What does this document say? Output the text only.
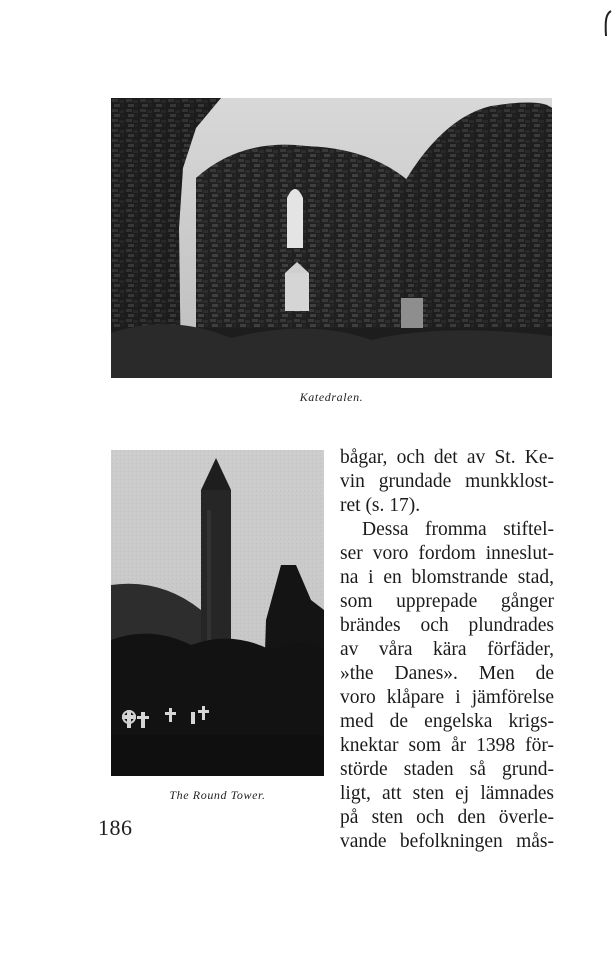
Katedralen.
The Round Tower.
bågar, och det av St. Ke-
vin grundade munkklost-
ret (s. 17).
Dessa fromma stiftel-
ser voro fordom inneslut-
na i en blomstrande stad,
som upprepade gånger
brändes och plundrades
av våra kära förfäder,
»the Danes». Men de
voro klåpare i jämförelse
med de engelska krigs-
knektar som år 1398 för-
störde staden så grund-
ligt, att sten ej lämnades
på sten och den överle-
vande befolkningen mås-
186
